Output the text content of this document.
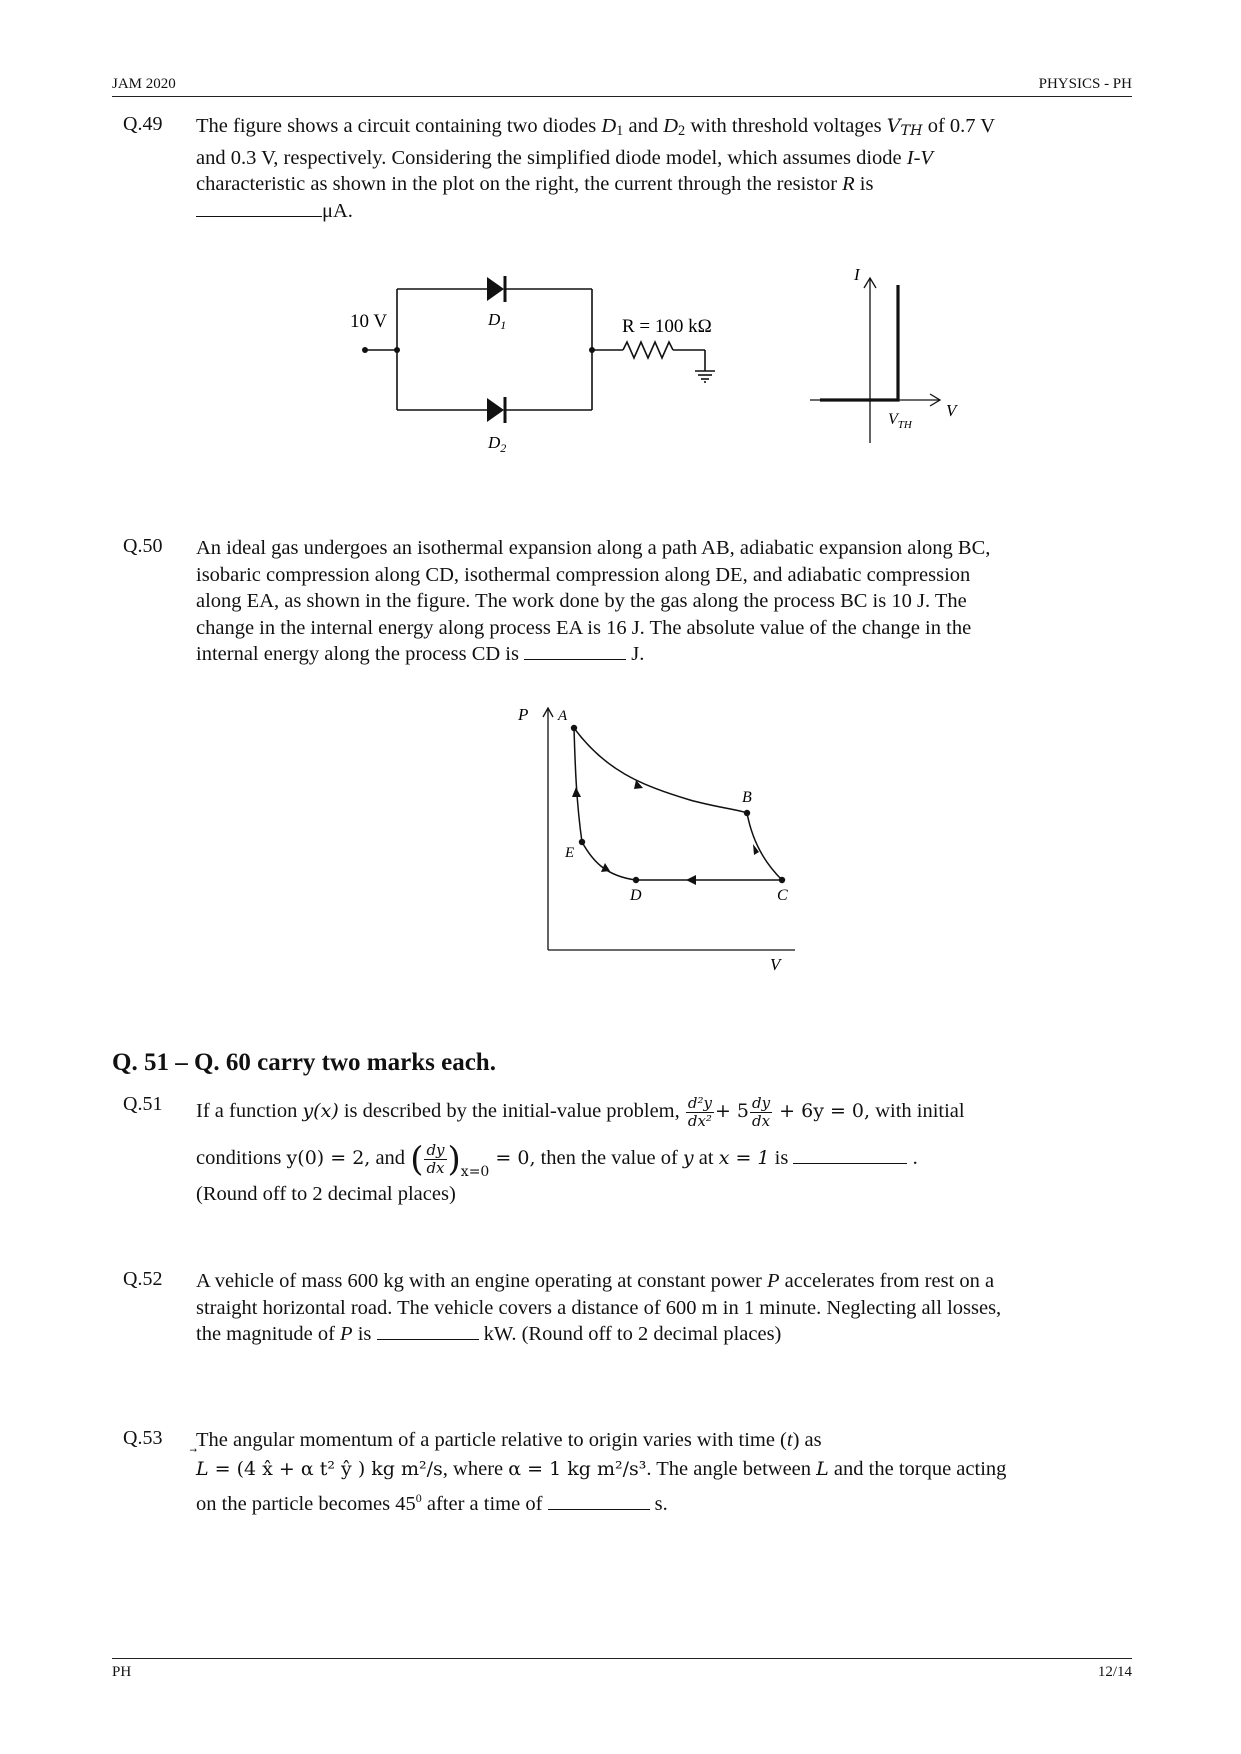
JAM 2020	PHYSICS - PH
Q.49 The figure shows a circuit containing two diodes $D_1$ and $D_2$ with threshold voltages $V_{TH}$ of 0.7 V
and 0.3 V, respectively. Considering the simplified diode model, which assumes diode I-V
characteristic as shown in the plot on the right, the current through the resistor R is
μA.
10 V	$D_1$
$D_2$
R = 100 kΩ
I
V
$V_{TH}$
Q.50 An ideal gas undergoes an isothermal expansion along a path AB, adiabatic expansion along BC,
isobaric compression along CD, isothermal compression along DE, and adiabatic compression
along EA, as shown in the figure. The work done by the gas along the process BC is 10 J. The
change in the internal energy along process EA is 16 J. The absolute value of the change in the
internal energy along the process CD is	J.
P
V
A
B
C
D
E
Q. 51 – Q. 60 carry two marks each.
Q.51 If a function y(x) is described by the initial-value problem, $\frac{\text{d²y}}{\text{dx²}} + 5 \frac{dy}{dx} + 6y = 0$, with initial
conditions y(0) = 2, and ( $\frac{dy}{dx} )_{x=0} = 0$, then the value of y at x = 1 is	.
(Round off to 2 decimal places)
Q.52 A vehicle of mass 600 kg with an engine operating at constant power P accelerates from rest on a
straight horizontal road. The vehicle covers a distance of 600 m in 1 minute. Neglecting all losses,
the magnitude of P is	kW. (Round off to 2 decimal places)
Q.53 The angular momentum of a particle relative to origin varies with time (t) as
L = (4 x̂ + α t² ŷ ) kg m²/s, where α = 1 kg m²/s³. The angle between L and the torque acting
on the particle becomes $45^0$ after a time of	s.
PH	12/14
